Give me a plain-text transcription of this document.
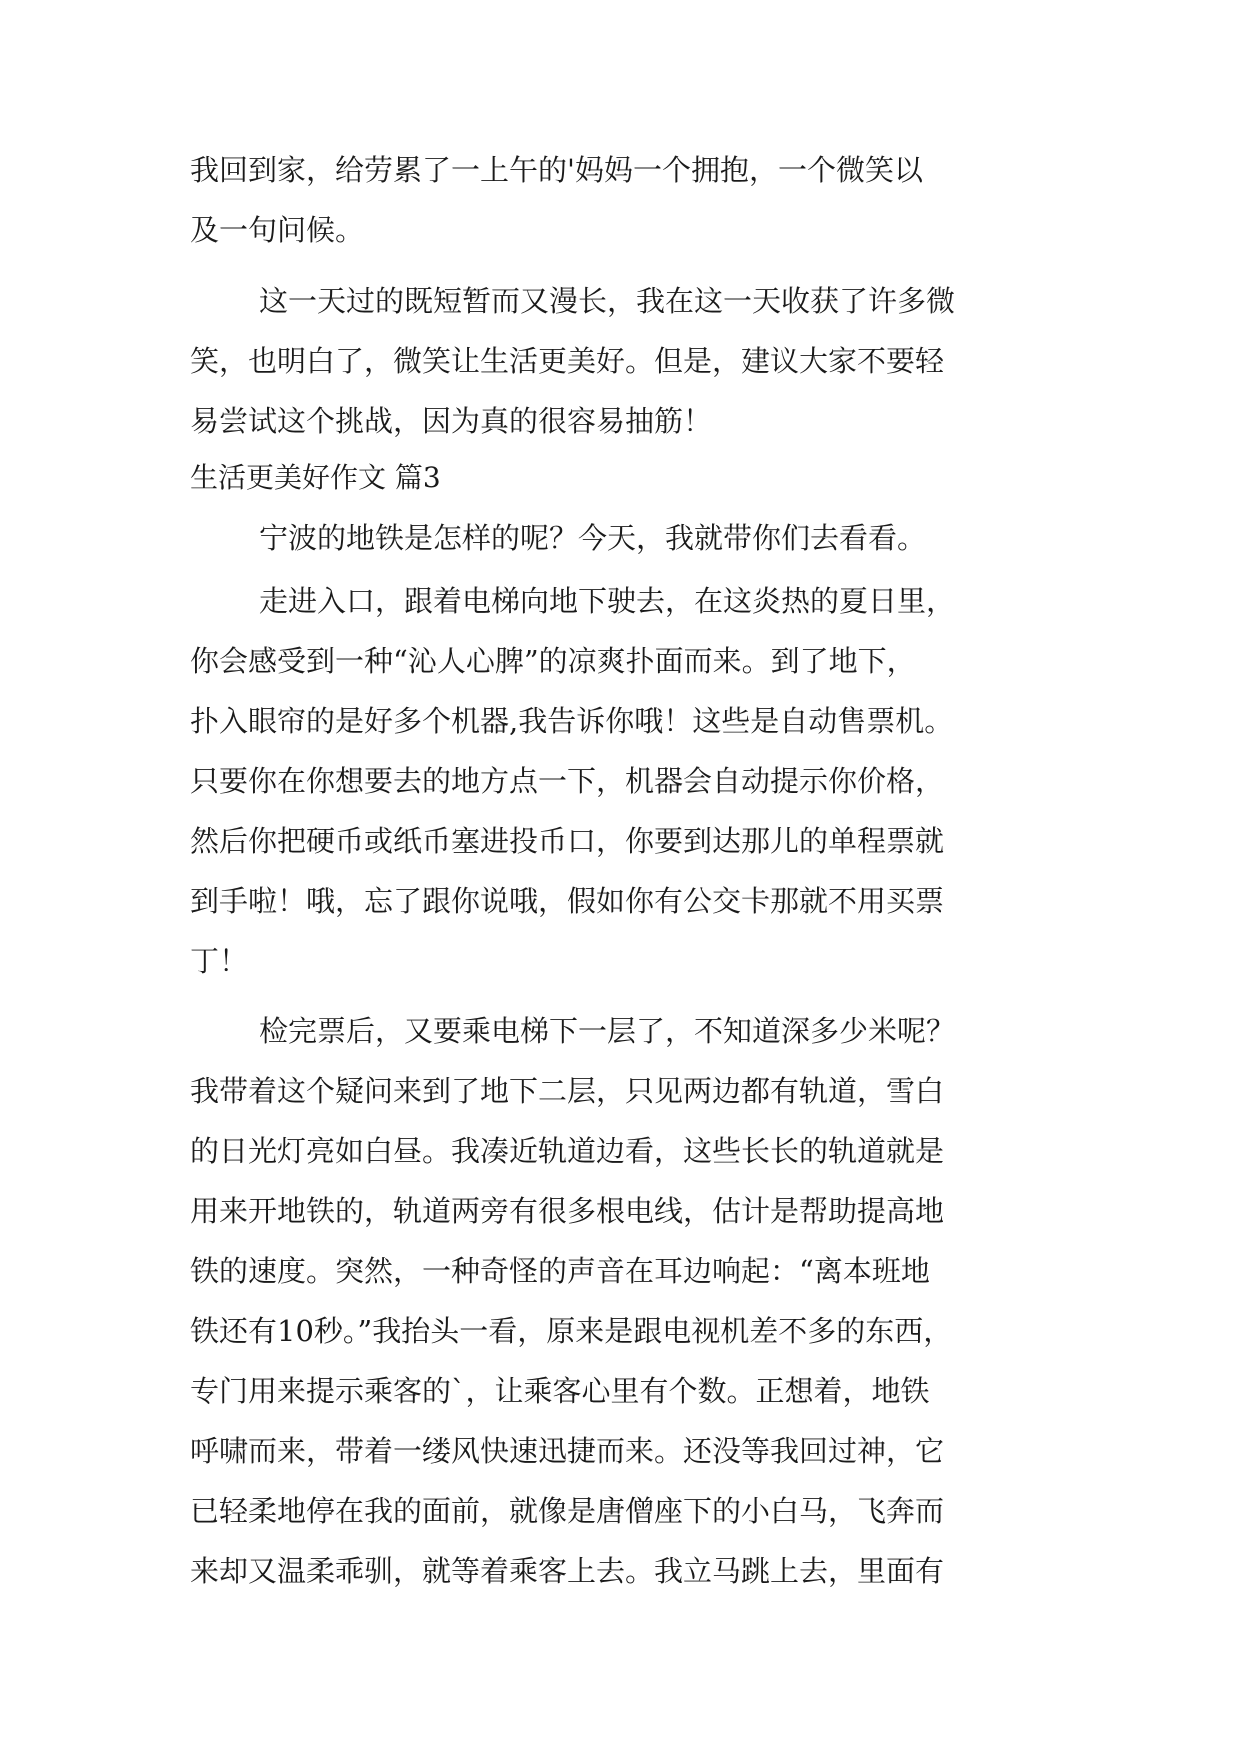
我回到家，给劳累了一上午的'妈妈一个拥抱，一个微笑以
及一句问候。
这一天过的既短暂而又漫长，我在这一天收获了许多微
笑，也明白了，微笑让生活更美好。但是，建议大家不要轻
易尝试这个挑战，因为真的很容易抽筋！
生活更美好作文 篇3
宁波的地铁是怎样的呢？今天，我就带你们去看看。
走进入口，跟着电梯向地下驶去，在这炎热的夏日里，
你会感受到一种“沁人心脾”的凉爽扑面而来。到了地下，
扑入眼帘的是好多个机器,我告诉你哦！这些是自动售票机。
只要你在你想要去的地方点一下，机器会自动提示你价格，
然后你把硬币或纸币塞进投币口，你要到达那儿的单程票就
到手啦！哦，忘了跟你说哦，假如你有公交卡那就不用买票
丁！
检完票后，又要乘电梯下一层了，不知道深多少米呢？
我带着这个疑问来到了地下二层，只见两边都有轨道，雪白
的日光灯亮如白昼。我凑近轨道边看，这些长长的轨道就是
用来开地铁的，轨道两旁有很多根电线，估计是帮助提高地
铁的速度。突然，一种奇怪的声音在耳边响起：“离本班地
铁还有10秒。”我抬头一看，原来是跟电视机差不多的东西，
专门用来提示乘客的`，让乘客心里有个数。正想着，地铁
呼啸而来，带着一缕风快速迅捷而来。还没等我回过神，它
已轻柔地停在我的面前，就像是唐僧座下的小白马，飞奔而
来却又温柔乖驯，就等着乘客上去。我立马跳上去，里面有
